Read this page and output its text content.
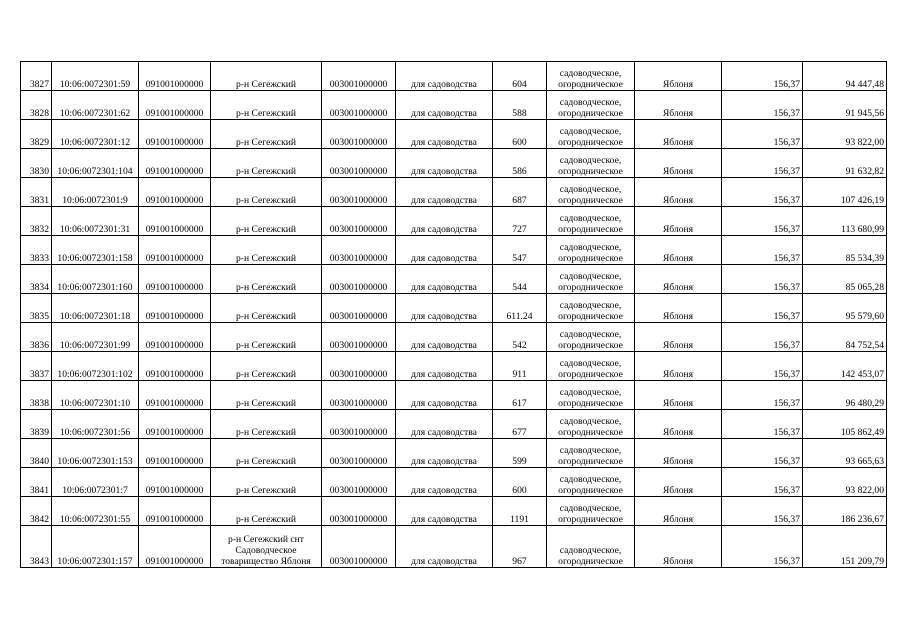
3827	10:06:0072301:59	091001000000	р-н Сегежский	003001000000	для садоводства	604	садоводческое,
огородническое	Яблоня	156,37	94 447,48
3828	10:06:0072301:62	091001000000	р-н Сегежский	003001000000	для садоводства	588	садоводческое,
огородническое	Яблоня	156,37	91 945,56
3829	10:06:0072301:12	091001000000	р-н Сегежский	003001000000	для садоводства	600	садоводческое,
огородническое	Яблоня	156,37	93 822,00
3830	10:06:0072301:104	091001000000	р-н Сегежский	003001000000	для садоводства	586	садоводческое,
огородническое	Яблоня	156,37	91 632,82
3831	10:06:0072301:9	091001000000	р-н Сегежский	003001000000	для садоводства	687	садоводческое,
огородническое	Яблоня	156,37	107 426,19
3832	10:06:0072301:31	091001000000	р-н Сегежский	003001000000	для садоводства	727	садоводческое,
огородническое	Яблоня	156,37	113 680,99
3833	10:06:0072301:158	091001000000	р-н Сегежский	003001000000	для садоводства	547	садоводческое,
огородническое	Яблоня	156,37	85 534,39
3834	10:06:0072301:160	091001000000	р-н Сегежский	003001000000	для садоводства	544	садоводческое,
огородническое	Яблоня	156,37	85 065,28
3835	10:06:0072301:18	091001000000	р-н Сегежский	003001000000	для садоводства	611.24	садоводческое,
огородническое	Яблоня	156,37	95 579,60
3836	10:06:0072301:99	091001000000	р-н Сегежский	003001000000	для садоводства	542	садоводческое,
огородническое	Яблоня	156,37	84 752,54
3837	10:06:0072301:102	091001000000	р-н Сегежский	003001000000	для садоводства	911	садоводческое,
огородническое	Яблоня	156,37	142 453,07
3838	10:06:0072301:10	091001000000	р-н Сегежский	003001000000	для садоводства	617	садоводческое,
огородническое	Яблоня	156,37	96 480,29
3839	10:06:0072301:56	091001000000	р-н Сегежский	003001000000	для садоводства	677	садоводческое,
огородническое	Яблоня	156,37	105 862,49
3840	10:06:0072301:153	091001000000	р-н Сегежский	003001000000	для садоводства	599	садоводческое,
огородническое	Яблоня	156,37	93 665,63
3841	10:06:0072301:7	091001000000	р-н Сегежский	003001000000	для садоводства	600	садоводческое,
огородническое	Яблоня	156,37	93 822,00
3842	10:06:0072301:55	091001000000	р-н Сегежский	003001000000	для садоводства	1191	садоводческое,
огородническое	Яблоня	156,37	186 236,67
3843	10:06:0072301:157	091001000000	р-н Сегежский снт Садоводческое товарищество Яблоня	003001000000	для садоводства	967	садоводческое,
огородническое	Яблоня	156,37	151 209,79
